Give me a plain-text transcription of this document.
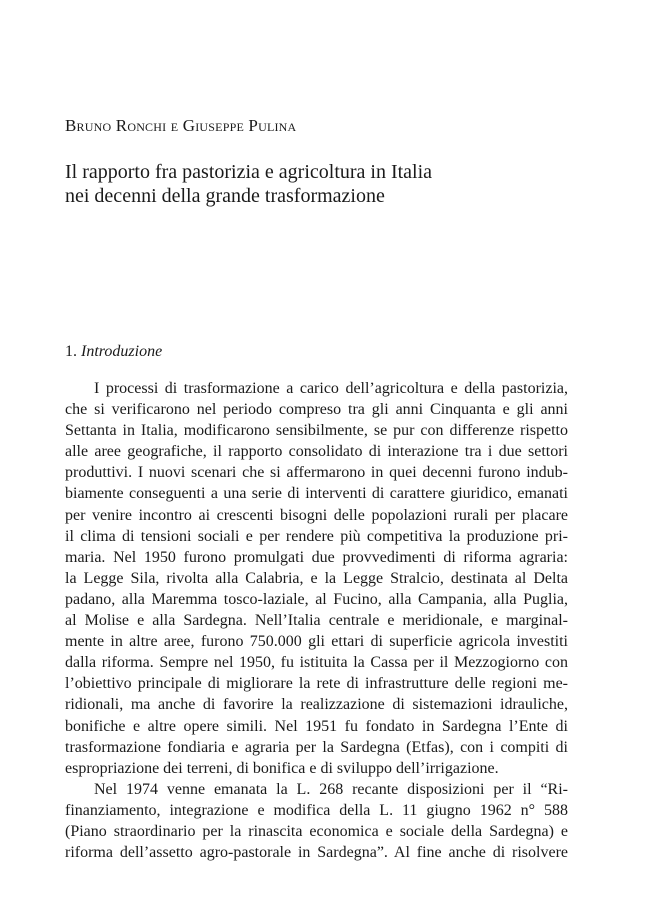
Bruno Ronchi e Giuseppe Pulina
Il rapporto fra pastorizia e agricoltura in Italia
nei decenni della grande trasformazione
1. Introduzione
I processi di trasformazione a carico dell’agricoltura e della pastorizia,
che si verificarono nel periodo compreso tra gli anni Cinquanta e gli anni
Settanta in Italia, modificarono sensibilmente, se pur con differenze rispetto
alle aree geografiche, il rapporto consolidato di interazione tra i due settori
produttivi. I nuovi scenari che si affermarono in quei decenni furono indub-
biamente conseguenti a una serie di interventi di carattere giuridico, emanati
per venire incontro ai crescenti bisogni delle popolazioni rurali per placare
il clima di tensioni sociali e per rendere più competitiva la produzione pri-
maria. Nel 1950 furono promulgati due provvedimenti di riforma agraria:
la Legge Sila, rivolta alla Calabria, e la Legge Stralcio, destinata al Delta
padano, alla Maremma tosco-laziale, al Fucino, alla Campania, alla Puglia,
al Molise e alla Sardegna. Nell’Italia centrale e meridionale, e marginal-
mente in altre aree, furono 750.000 gli ettari di superficie agricola investiti
dalla riforma. Sempre nel 1950, fu istituita la Cassa per il Mezzogiorno con
l’obiettivo principale di migliorare la rete di infrastrutture delle regioni me-
ridionali, ma anche di favorire la realizzazione di sistemazioni idrauliche,
bonifiche e altre opere simili. Nel 1951 fu fondato in Sardegna l’Ente di
trasformazione fondiaria e agraria per la Sardegna (Etfas), con i compiti di
espropriazione dei terreni, di bonifica e di sviluppo dell’irrigazione.
Nel 1974 venne emanata la L. 268 recante disposizioni per il “Ri-
finanziamento, integrazione e modifica della L. 11 giugno 1962 n° 588
(Piano straordinario per la rinascita economica e sociale della Sardegna) e
riforma dell’assetto agro-pastorale in Sardegna”. Al fine anche di risolvere
